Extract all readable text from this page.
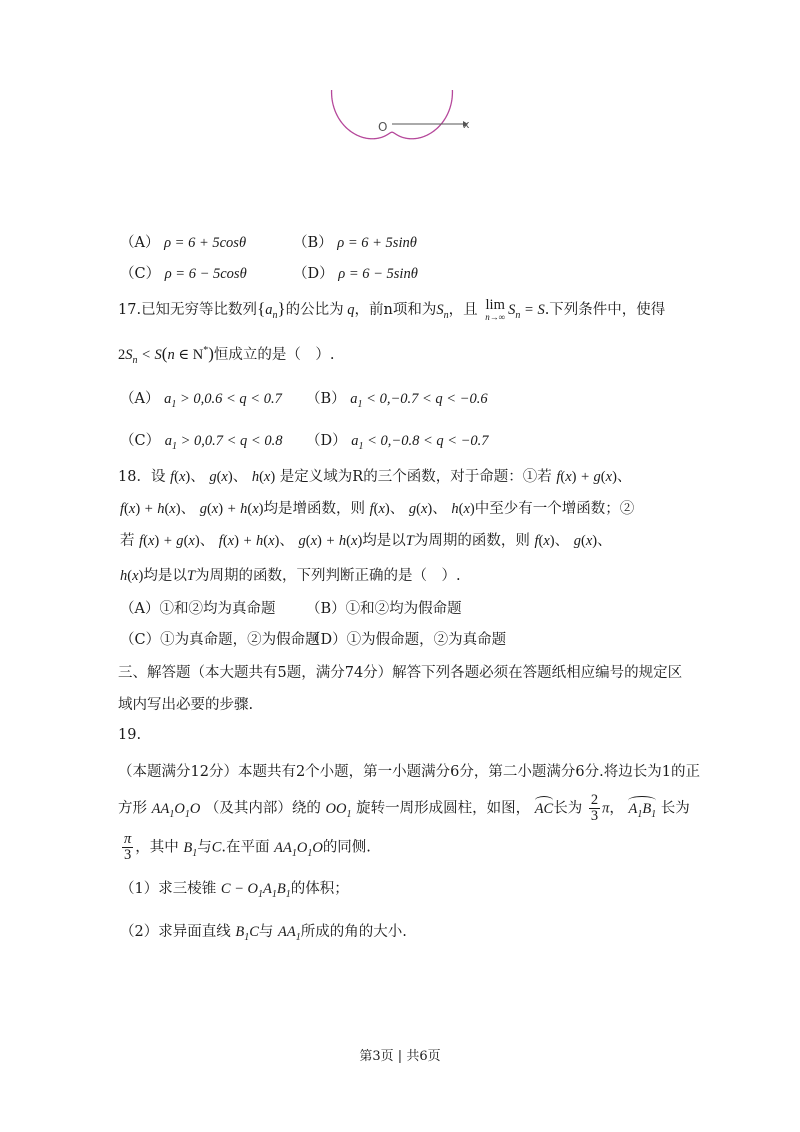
O	x
（A） ρ = 6 + 5cosθ	（B） ρ = 6 + 5sinθ
（C） ρ = 6 − 5cosθ	（D） ρ = 6 − 5sinθ
17.已知无穷等比数列$\{a_n\}$的公比为 q，前n项和为$S_n$，且 lim
n→∞ $S_n = S$.下列条件中，使得
$2S_n < S(n$ ∈ N*)恒成立的是（　）.
（A） $a_1 > 0,0.6 < q < 0.7$ （B） $a_1 < 0,-0.7 < q < -0.6$
（C） $a_1 > 0,0.7 < q < 0.8$ （D） $a_1 < 0,-0.8 < q < -0.7$
18．设 f(x)、 g(x)、 h(x) 是定义域为R的三个函数，对于命题：①若 f(x) + g(x)、
f(x) + h(x)、 g(x) + h(x)均是增函数，则 f(x)、 g(x)、 h(x)中至少有一个增函数；②
若 f(x) + g(x)、 f(x) + h(x)、 g(x) + h(x)均是以T为周期的函数，则 f(x)、 g(x)、
h(x)均是以T为周期的函数，下列判断正确的是（　）.
（A）①和②均为真命题 （B）①和②均为假命题
（C）①为真命题，②为假命题
（D）①为假命题，②为真命题
三、解答题（本大题共有5题，满分74分）解答下列各题必须在答题纸相应编号的规定区
域内写出必要的步骤.
19.
（本题满分12分）本题共有2个小题，第一小题满分6分，第二小题满分6分.将边长为1的正
方形 $AA_1O_1O$ （及其内部）绕的 $OO_1$ 旋转一周形成圆柱，如图， AC长为 $\frac{2}{3}$ π， $A_1B_1$ 长为
$\frac{\pi}{3}$ ，其中 $B_1$与C.在平面 $AA_1O_1O$的同侧.
（1）求三棱锥 $C - O_1A_1B_1$的体积；
（2）求异面直线 $B_1C$与 $AA_1$所成的角的大小.
第3页 | 共6页
